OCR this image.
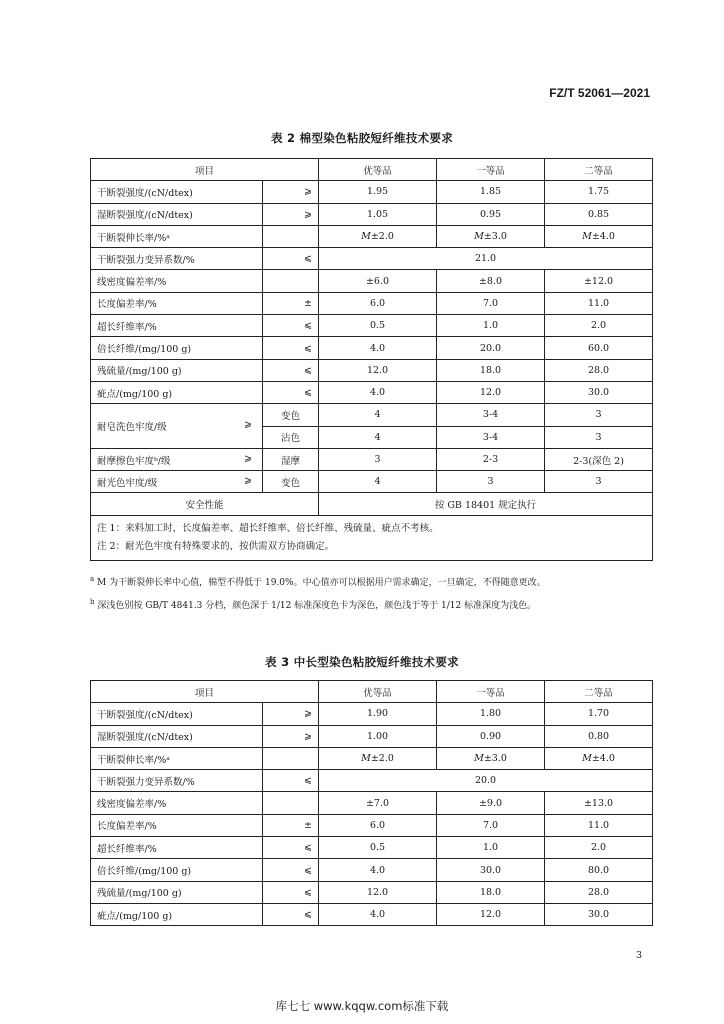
FZ/T 52061—2021
表 2 棉型染色粘胶短纤维技术要求
项目		优等品	一等品	二等品
干断裂强度/(cN/dtex)	⩾	1.95	1.85	1.75
湿断裂强度/(cN/dtex)	⩾	1.05	0.95	0.85
干断裂伸长率/%ᵃ		M±2.0	M±3.0	M±4.0
干断裂强力变异系数/%	⩽	21.0		
线密度偏差率/%		±6.0	±8.0	±12.0
长度偏差率/%	±	6.0	7.0	11.0
超长纤维率/%	⩽	0.5	1.0	2.0
倍长纤维/(mg/100 g)	⩽	4.0	20.0	60.0
残硫量/(mg/100 g)	⩽	12.0	18.0	28.0
疵点/(mg/100 g)	⩽	4.0	12.0	30.0
耐皂洗色牢度/级 ⩾	变色	4	3-4	3
	沾色	4	3-4	3
耐摩擦色牢度ᵇ/级 ⩾	湿摩	3	2-3	2-3(深色 2)
耐光色牢度/级 ⩾	变色	4	3	3
安全性能		按 GB 18401 规定执行		

注 1：来料加工时，长度偏差率、超长纤维率、倍长纤维、残硫量、疵点不考核。
注 2：耐光色牢度有特殊要求的，按供需双方协商确定。				
$^a$ M 为干断裂伸长率中心值，棉型不得低于 19.0%。中心值亦可以根据用户需求确定，一旦确定，不得随意更改。
$^b$ 深浅色别按 GB/T 4841.3 分档，颜色深于 1/12 标准深度色卡为深色，颜色浅于等于 1/12 标准深度为浅色。
表 3 中长型染色粘胶短纤维技术要求
项目		优等品	一等品	二等品
干断裂强度/(cN/dtex)	⩾	1.90	1.80	1.70
湿断裂强度/(cN/dtex)	⩾	1.00	0.90	0.80
干断裂伸长率/%ᵃ		M±2.0	M±3.0	M±4.0
干断裂强力变异系数/%	⩽	20.0		
线密度偏差率/%		±7.0	±9.0	±13.0
长度偏差率/%	±	6.0	7.0	11.0
超长纤维率/%	⩽	0.5	1.0	2.0
倍长纤维/(mg/100 g)	⩽	4.0	30.0	80.0
残硫量/(mg/100 g)	⩽	12.0	18.0	28.0
疵点/(mg/100 g)	⩽	4.0	12.0	30.0
3
库七七 www.kqqw.com标准下载
